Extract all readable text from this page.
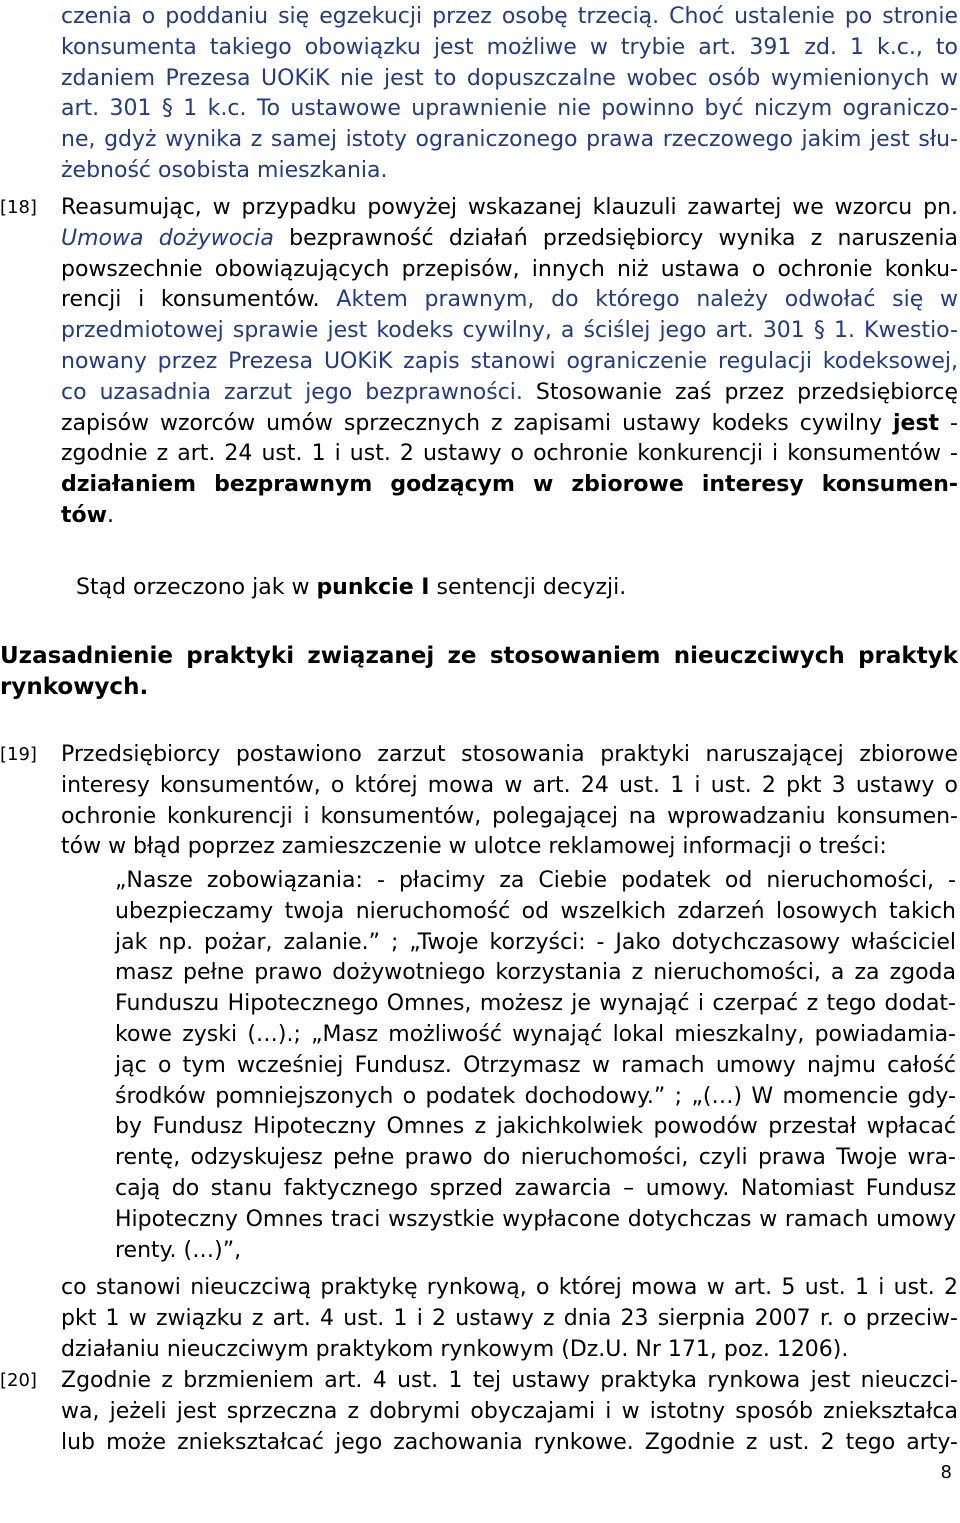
czenia o poddaniu się egzekucji przez osobę trzecią. Choć ustalenie po stronie
konsumenta takiego obowiązku jest możliwe w trybie art. 391 zd. 1 k.c., to
zdaniem Prezesa UOKiK nie jest to dopuszczalne wobec osób wymienionych w
art. 301 § 1 k.c. To ustawowe uprawnienie nie powinno być niczym ograniczo-
ne, gdyż wynika z samej istoty ograniczonego prawa rzeczowego jakim jest słu-
żebność osobista mieszkania.
[18] Reasumując, w przypadku powyżej wskazanej klauzuli zawartej we wzorcu pn.
Umowa dożywocia bezprawność działań przedsiębiorcy wynika z naruszenia
powszechnie obowiązujących przepisów, innych niż ustawa o ochronie konku-
rencji i konsumentów. Aktem prawnym, do którego należy odwołać się w
przedmiotowej sprawie jest kodeks cywilny, a ściślej jego art. 301 § 1. Kwestio-
nowany przez Prezesa UOKiK zapis stanowi ograniczenie regulacji kodeksowej,
co uzasadnia zarzut jego bezprawności. Stosowanie zaś przez przedsiębiorcę
zapisów wzorców umów sprzecznych z zapisami ustawy kodeks cywilny jest -
zgodnie z art. 24 ust. 1 i ust. 2 ustawy o ochronie konkurencji i konsumentów -
działaniem bezprawnym godzącym w zbiorowe interesy konsumen-
tów.
Stąd orzeczono jak w punkcie I sentencji decyzji.
Uzasadnienie praktyki związanej ze stosowaniem nieuczciwych praktyk
rynkowych.
[19] Przedsiębiorcy postawiono zarzut stosowania praktyki naruszającej zbiorowe
interesy konsumentów, o której mowa w art. 24 ust. 1 i ust. 2 pkt 3 ustawy o
ochronie konkurencji i konsumentów, polegającej na wprowadzaniu konsumen-
tów w błąd poprzez zamieszczenie w ulotce reklamowej informacji o treści:
„Nasze zobowiązania: - płacimy za Ciebie podatek od nieruchomości, -
ubezpieczamy twoja nieruchomość od wszelkich zdarzeń losowych takich
jak np. pożar, zalanie.” ; „Twoje korzyści: - Jako dotychczasowy właściciel
masz pełne prawo dożywotniego korzystania z nieruchomości, a za zgoda
Funduszu Hipotecznego Omnes, możesz je wynająć i czerpać z tego dodat-
kowe zyski (…).; „Masz możliwość wynająć lokal mieszkalny, powiadamia-
jąc o tym wcześniej Fundusz. Otrzymasz w ramach umowy najmu całość
środków pomniejszonych o podatek dochodowy.” ; „(…) W momencie gdy-
by Fundusz Hipoteczny Omnes z jakichkolwiek powodów przestał wpłacać
rentę, odzyskujesz pełne prawo do nieruchomości, czyli prawa Twoje wra-
cają do stanu faktycznego sprzed zawarcia – umowy. Natomiast Fundusz
Hipoteczny Omnes traci wszystkie wypłacone dotychczas w ramach umowy
renty. (…)”,
co stanowi nieuczciwą praktykę rynkową, o której mowa w art. 5 ust. 1 i ust. 2
pkt 1 w związku z art. 4 ust. 1 i 2 ustawy z dnia 23 sierpnia 2007 r. o przeciw-
działaniu nieuczciwym praktykom rynkowym (Dz.U. Nr 171, poz. 1206).
[20] Zgodnie z brzmieniem art. 4 ust. 1 tej ustawy praktyka rynkowa jest nieuczci-
wa, jeżeli jest sprzeczna z dobrymi obyczajami i w istotny sposób zniekształca
lub może zniekształcać jego zachowania rynkowe. Zgodnie z ust. 2 tego arty-
8
